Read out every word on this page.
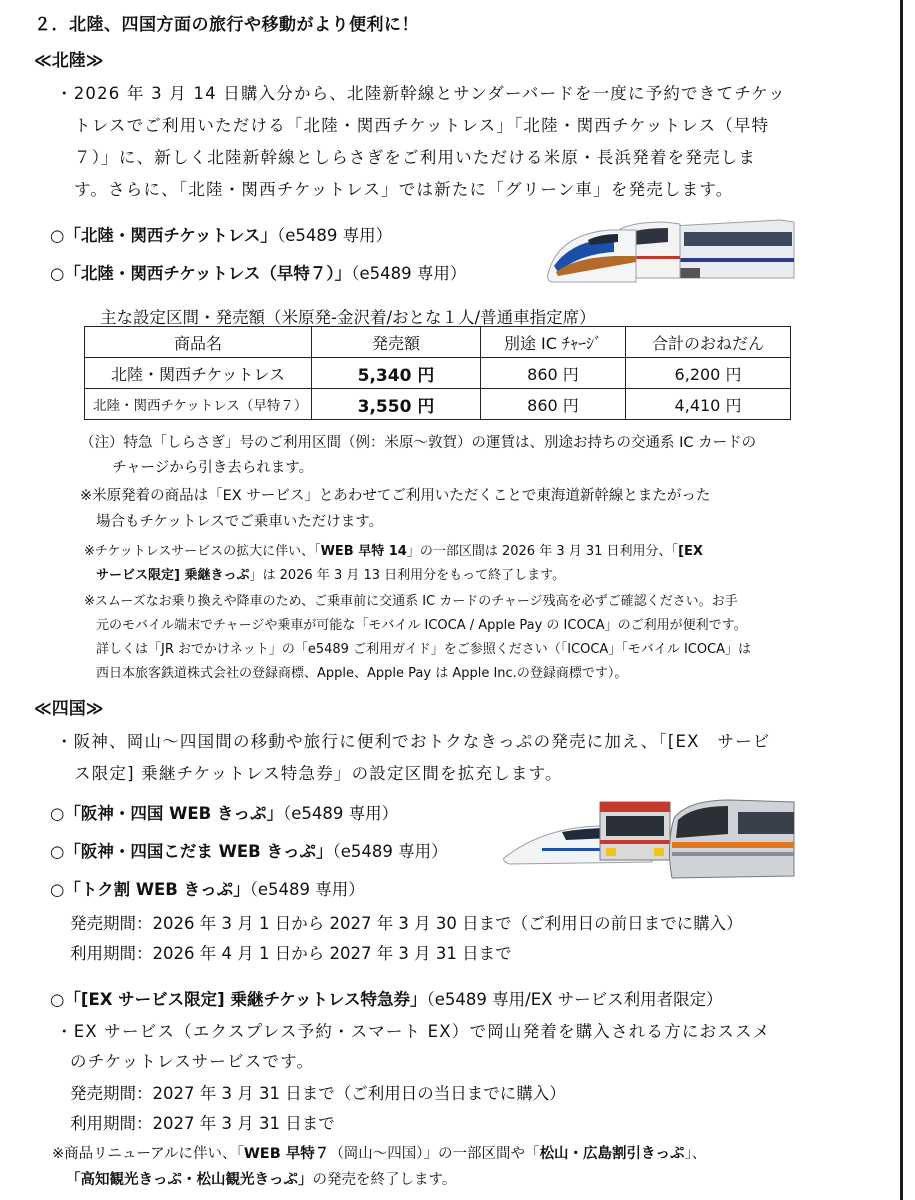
２．北陸、四国方面の旅行や移動がより便利に！
≪北陸≫
・2026 年 3 月 14 日購入分から、北陸新幹線とサンダーバードを一度に予約できてチケッ
トレスでご利用いただける「北陸・関西チケットレス」「北陸・関西チケットレス（早特
７）」に、新しく北陸新幹線としらさぎをご利用いただける米原・長浜発着を発売しま
す。さらに、「北陸・関西チケットレス」では新たに「グリーン車」を発売します。
○「北陸・関西チケットレス」（e5489 専用）
○「北陸・関西チケットレス（早特７）」（e5489 専用）
主な設定区間・発売額（米原発-金沢着/おとな１人/普通車指定席）
商品名	発売額	別途 IC ﾁｬｰｼﾞ	合計のおねだん
北陸・関西チケットレス	5,340 円	860 円	6,200 円
北陸・関西チケットレス（早特７）	3,550 円	860 円	4,410 円
（注）特急「しらさぎ」号のご利用区間（例：米原～敦賀）の運賃は、別途お持ちの交通系 IC カードの
チャージから引き去られます。
※米原発着の商品は「EX サービス」とあわせてご利用いただくことで東海道新幹線とまたがった
場合もチケットレスでご乗車いただけます。
※チケットレスサービスの拡大に伴い、「WEB 早特 14」の一部区間は 2026 年 3 月 31 日利用分、「[EX
サービス限定] 乗継きっぷ」は 2026 年 3 月 13 日利用分をもって終了します。
※スムーズなお乗り換えや降車のため、ご乗車前に交通系 IC カードのチャージ残高を必ずご確認ください。お手
元のモバイル端末でチャージや乗車が可能な「モバイル ICOCA / Apple Pay の ICOCA」のご利用が便利です。
詳しくは「JR おでかけネット」の「e5489 ご利用ガイド」をご参照ください（「ICOCA」「モバイル ICOCA」は
西日本旅客鉄道株式会社の登録商標、Apple、Apple Pay は Apple Inc.の登録商標です）。
≪四国≫
・阪神、岡山～四国間の移動や旅行に便利でおトクなきっぷの発売に加え、「[EX　サービ
ス限定] 乗継チケットレス特急券」の設定区間を拡充します。
○「阪神・四国 WEB きっぷ」（e5489 専用）
○「阪神・四国こだま WEB きっぷ」（e5489 専用）
○「トク割 WEB きっぷ」（e5489 専用）
発売期間：2026 年 3 月 1 日から 2027 年 3 月 30 日まで（ご利用日の前日までに購入）
利用期間：2026 年 4 月 1 日から 2027 年 3 月 31 日まで
○「[EX サービス限定] 乗継チケットレス特急券」（e5489 専用/EX サービス利用者限定）
・EX サービス（エクスプレス予約・スマート EX）で岡山発着を購入される方におススメ
のチケットレスサービスです。
発売期間：2027 年 3 月 31 日まで（ご利用日の当日までに購入）
利用期間：2027 年 3 月 31 日まで
※商品リニューアルに伴い、「WEB 早特７（岡山～四国）」の一部区間や「松山・広島割引きっぷ」、
「高知観光きっぷ・松山観光きっぷ」の発売を終了します。
